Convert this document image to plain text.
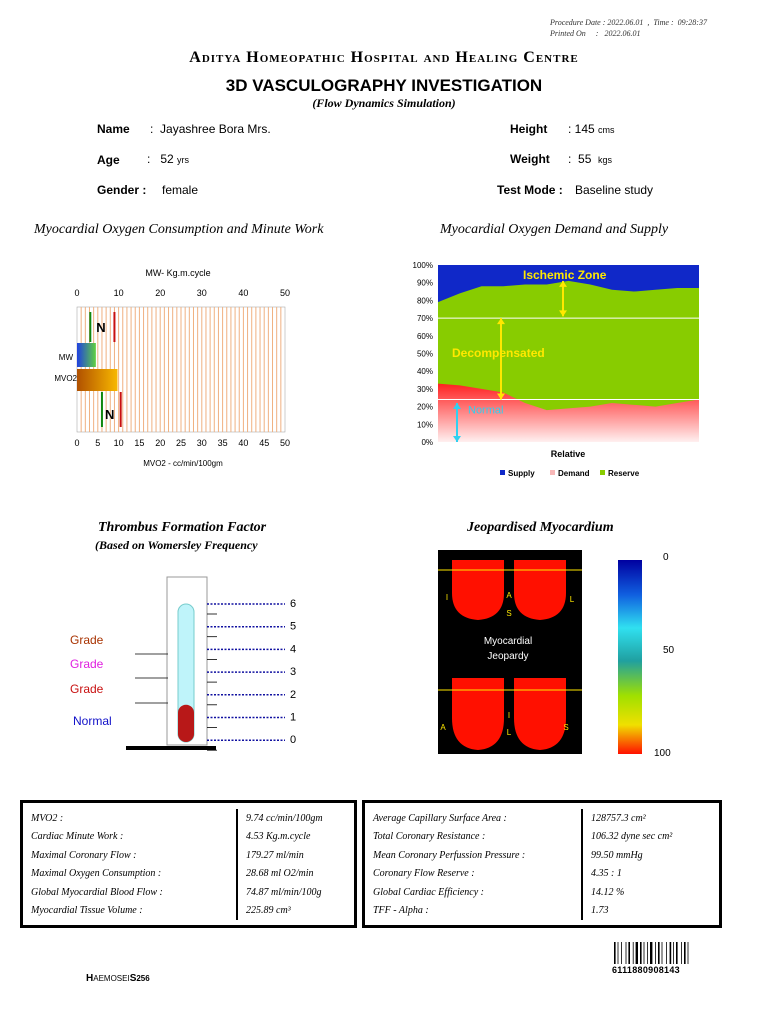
Procedure Date : 2022.06.01  ,  Time : 09:28:37
Printed On     :   2022.06.01
Aditya Homeopathic Hospital and Healing Centre
3D VASCULOGRAPHY INVESTIGATION
(Flow Dynamics Simulation)
Name :  Jayashree Bora Mrs.
Age :   52 yrs
Gender : female
Height : 145 cms
Weight :  55 kgs
Test Mode : Baseline study
Myocardial Oxygen Consumption and Minute Work	Myocardial Oxygen Demand and Supply
Thrombus Formation Factor
(Based on Womersley Frequency
Jeopardised Myocardium
MW- Kg.m.cycle
0	10	20	30	40	50
0 5 10 15 20 25 30 35 40 45 50
N
N
MW
MVO2
MVO2 - cc/min/100gm
100%
90%
80%
70%
60%
50%
40%
30%
20%
10%
0%
Ischemic Zone
Decompensated
Normal
Relative
Supply	Demand Reserve
6
5
4
3
2
1
0
Grade
Grade
Grade
Normal
Myocardial
Jeopardy
I	A
S
L
A
I
L
S
0
50
100
MVO2 :	9.74 cc/min/100gm
Cardiac Minute Work :	4.53 Kg.m.cycle
Maximal Coronary Flow :	179.27 ml/min
Maximal Oxygen Consumption :	28.68 ml O2/min
Global Myocardial Blood Flow :	74.87 ml/min/100g
Myocardial Tissue Volume :	225.89 cm³
Average Capillary Surface Area :	128757.3 cm²
Total Coronary Resistance :	106.32 dyne sec cm²
Mean Coronary Perfussion Pressure :	99.50 mmHg
Coronary Flow Reserve :	4.35 : 1
Global Cardiac Efficiency :	14.12 %
TFF - Alpha :	1.73
6111880908143
HAEMOSEIS256
